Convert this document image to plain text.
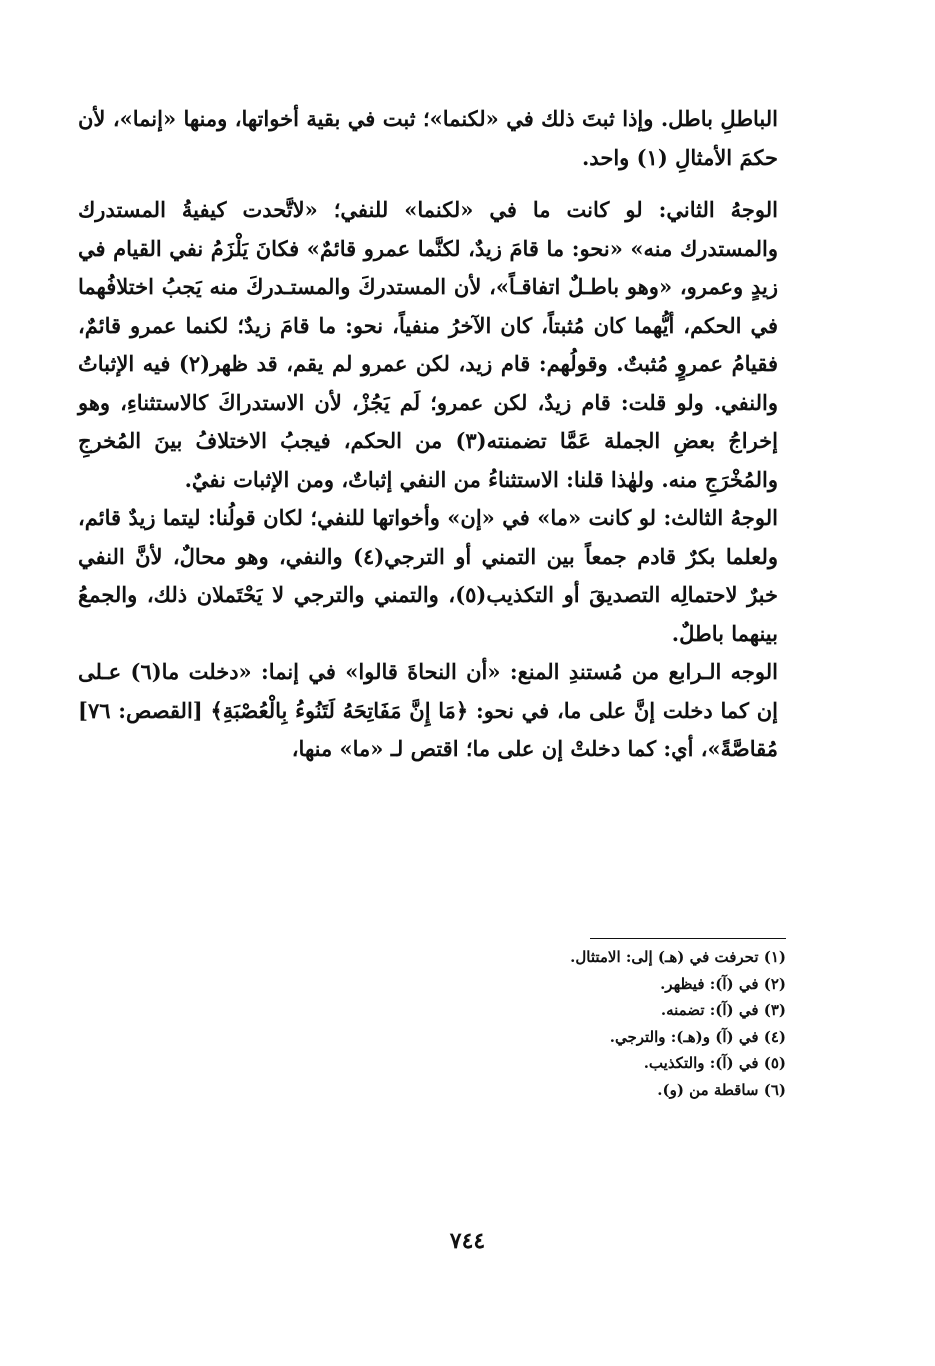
الباطلِ باطل. وإذا ثبتَ ذلك في «لكنما»؛ ثبت في بقية أخواتها، ومنها «إنما»، لأن حكمَ الأمثالِ (١) واحد.

الوجهُ الثاني: لو كانت ما في «لكنما» للنفي؛ «لاتَّحدت كيفيةُ المستدرك والمستدرك منه» «نحو: ما قامَ زيدٌ، لكنَّما عمرو قائمٌ» فكانَ يَلْزَمُ نفي القيام في زيدٍ وعمرو، «وهو باطـلٌ اتفاقـاً»، لأن المستدركَ والمستـدركَ منه يَجبُ اختلافُهما في الحكم، أيُّهما كان مُثبتاً، كان الآخرُ منفياً، نحو: ما قامَ زيدٌ؛ لكنما عمرو قائمٌ، فقيامُ عمروٍ مُثبتٌ. وقولُهم: قام زيد، لكن عمرو لم يقم، قد ظهر(٢) فيه الإثباتُ والنفي. ولو قلت: قام زيدٌ، لكن عمرو؛ لَم يَجُزْ، لأن الاستدراكَ كالاستثناءِ، وهو إخراجُ بعضِ الجملة عَمَّا تضمنته(٣) من الحكم، فيجبُ الاختلافُ بينَ المُخرجِ والمُخْرَجِ منه. ولهٰذا قلنا: الاستثناءُ من النفي إثباتٌ، ومن الإثبات نفيٌ.

الوجهُ الثالث: لو كانت «ما» في «إن» وأخواتها للنفي؛ لكان قولُنا: ليتما زيدٌ قائم، ولعلما بكرٌ قادم جمعاً بين التمني أو الترجي(٤) والنفي، وهو محالٌ، لأنَّ النفي خبرٌ لاحتمالِه التصديقَ أو التكذيب(٥)، والتمني والترجي لا يَحْتَملان ذلك، والجمعُ بينهما باطلٌ.

الوجه الـرابع من مُستندِ المنع: «أن النحاةَ قالوا» في إنما: «دخلت ما(٦) عـلى إن كما دخلت إنَّ على ما، في نحو: ﴿مَا إِنَّ مَفَاتِحَهُ لَتَنُوءُ بِالْعُصْبَةِ﴾ [القصص: ٧٦] مُقاصَّةً»، أي: كما دخلتْ إن على ما؛ اقتص لـ «ما» منها،

(١) تحرفت في (هـ) إلى: الامتثال.
(٢) في (آ): فيظهر.
(٣) في (آ): تضمنه.
(٤) في (آ) و(هـ): والترجي.
(٥) في (آ): والتكذيب.
(٦) ساقطة من (و).
٧٤٤
